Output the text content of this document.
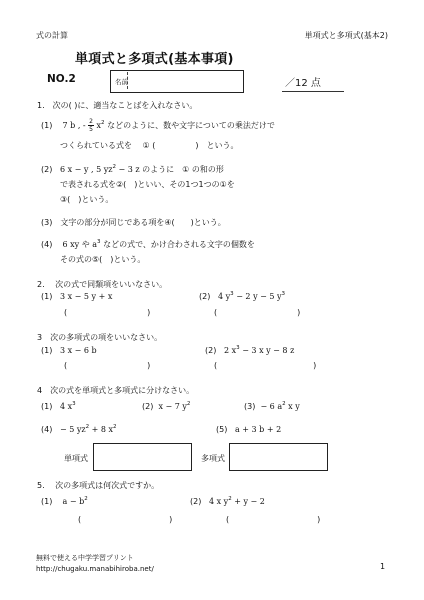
式の計算	単項式と多項式(基本2)
単項式と多項式(基本事項)
NO.2	名前	／12 点
1.　次の( )に、適当なことばを入れなさい。
(1) 7 b , - $\frac{2}{5} x^2$ などのように、数や文字についての乗法だけで
つくられている式を　 ① (　　　　　)　という。
(2) 6 x − y , 5 $yz^2 - 3$ z のように　① の和の形
で表される式を②(　)といい、その1つ1つの①を
③(　)という。
(3)　文字の部分が同じである項を④(　　)という。
(4) 6 xy や $a^3$ などの式で、かけ合わされる文字の個数を
その式の⑤(　)という。
2.　 次の式で同類項をいいなさい。
(1) 3 x − 5 y + x	(2) 4 $y^3 - 2$ y − 5 $y^3$
(　　　　　　　　　　)	(　　　　　　　　　　)
3　次の多項式の項をいいなさい。
(1) 3 x − 6 b	(2) 2 $x^3 - 3$ x y − 8 z
(　　　　　　　　　　)	(　　　　　　　　　　　　)
4　次の式を単項式と多項式に分けなさい。
(1) 4 $x^3$	(2) x − 7 $y^2$	(3) − 6 $a^2$ x y
(4) − 5 $yz^2 + 8$ $x^2$	(5) a + 3 b + 2
単項式	多項式
5.　 次の多項式は何次式ですか。
(1) $a - b^2$	(2) 4 x $y^2 + y - 2$
(　　　　　　　　　　　)	(　　　　　　　　　　　)
無料で使える中学学習プリント
http://chugaku.manabihiroba.net/	1
